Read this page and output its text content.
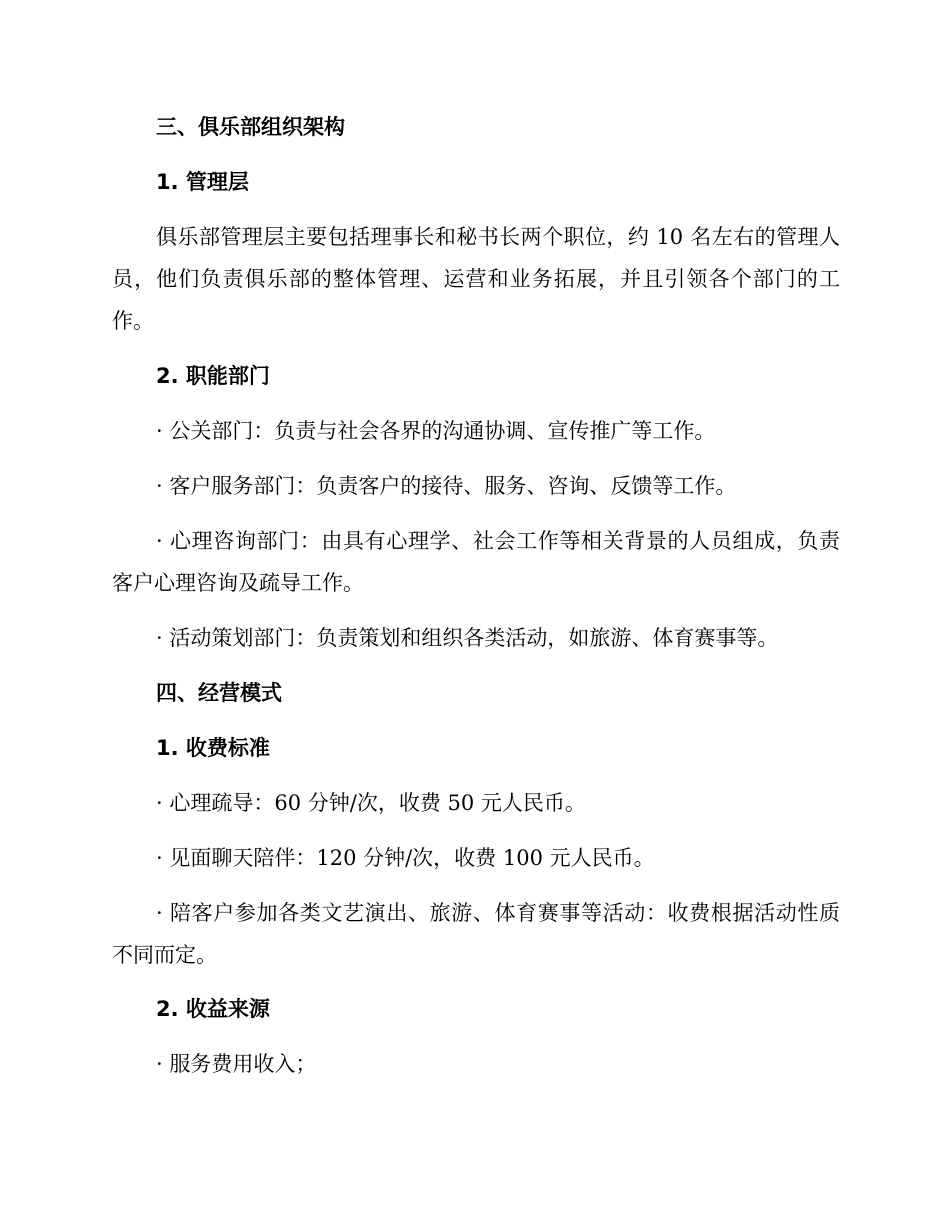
三、俱乐部组织架构

1. 管理层

俱乐部管理层主要包括理事长和秘书长两个职位，约 10 名左右的管理人员，他们负责俱乐部的整体管理、运营和业务拓展，并且引领各个部门的工作。

2. 职能部门

· 公关部门：负责与社会各界的沟通协调、宣传推广等工作。

· 客户服务部门：负责客户的接待、服务、咨询、反馈等工作。

· 心理咨询部门：由具有心理学、社会工作等相关背景的人员组成，负责客户心理咨询及疏导工作。

· 活动策划部门：负责策划和组织各类活动，如旅游、体育赛事等。

四、经营模式

1. 收费标准

· 心理疏导：60 分钟/次，收费 50 元人民币。

· 见面聊天陪伴：120 分钟/次，收费 100 元人民币。

· 陪客户参加各类文艺演出、旅游、体育赛事等活动：收费根据活动性质不同而定。

2. 收益来源

· 服务费用收入；
